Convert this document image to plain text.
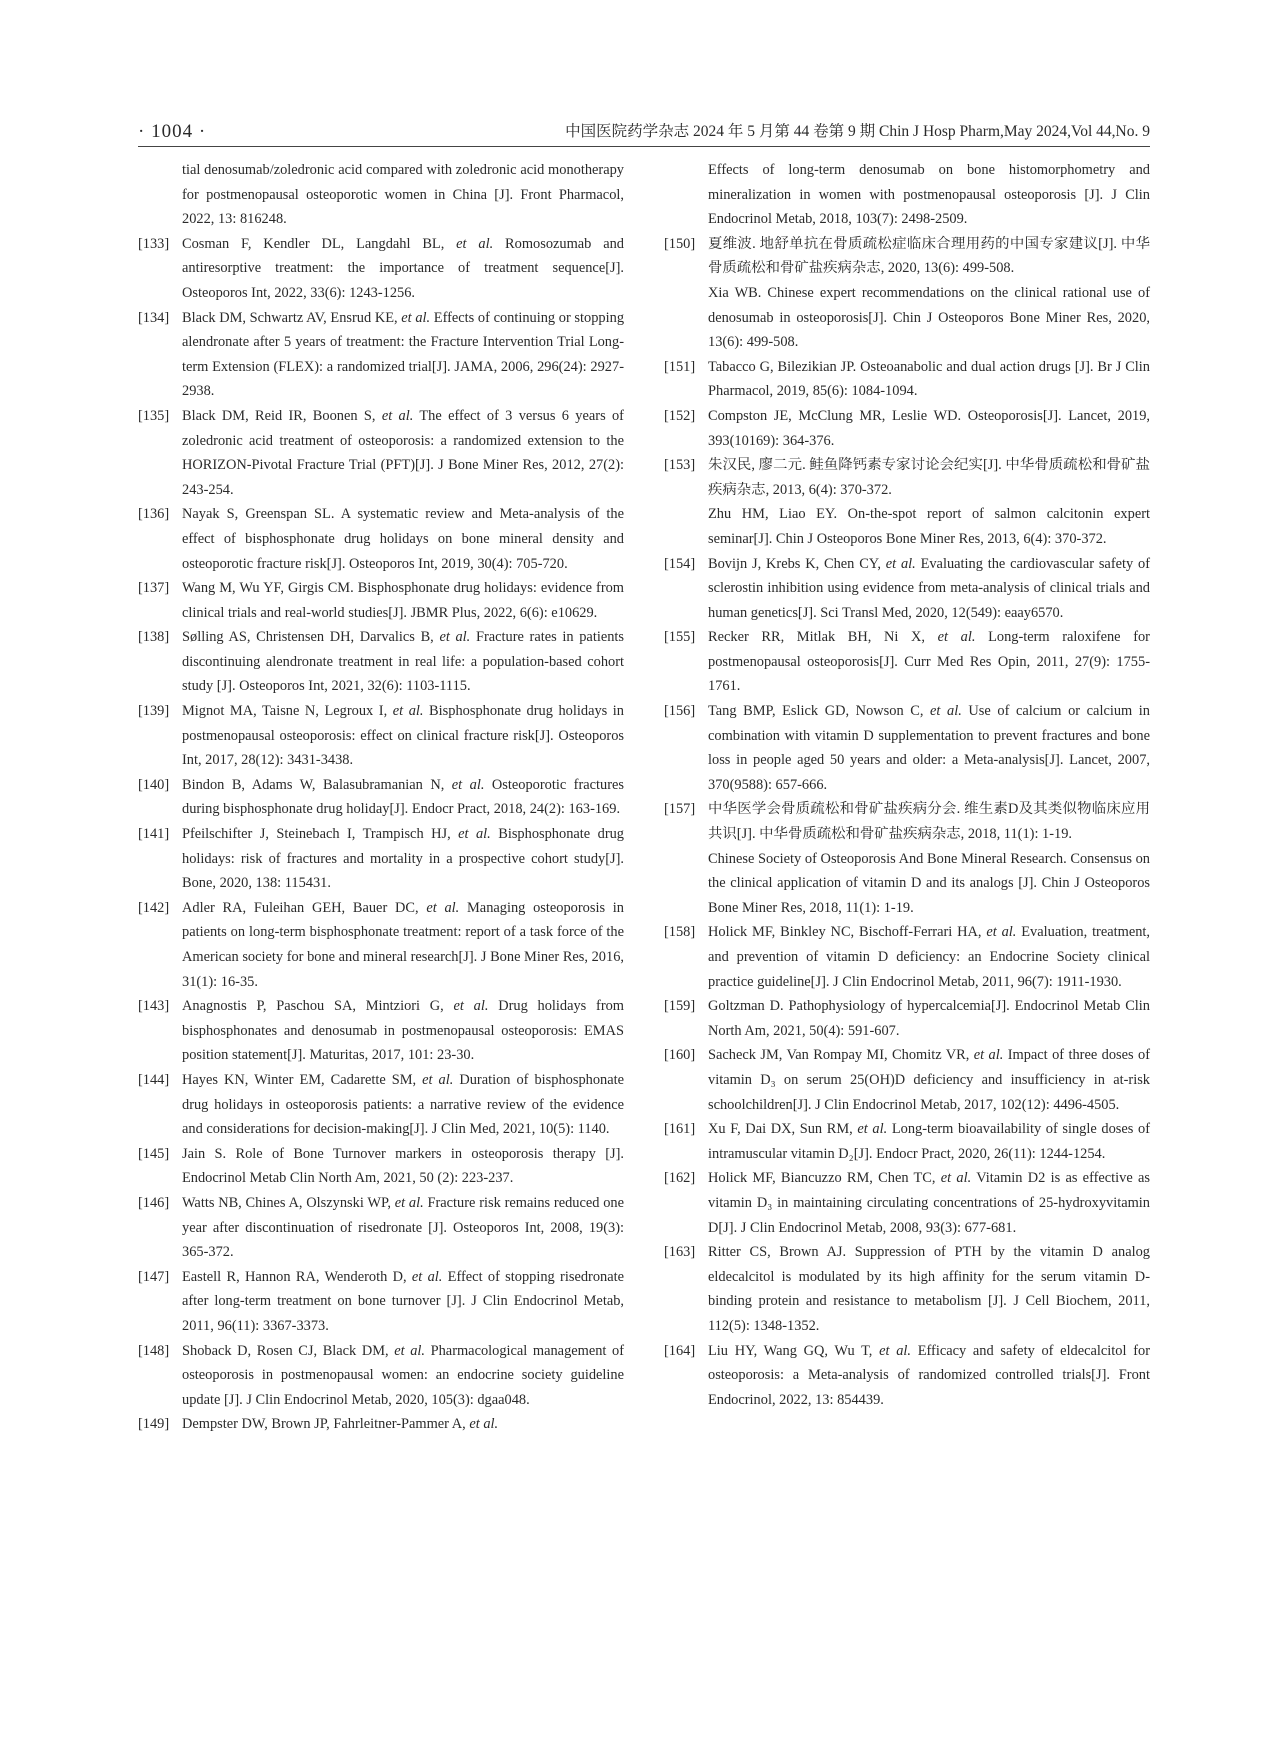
· 1004 ·	中国医院药学杂志 2024 年 5 月第 44 卷第 9 期 Chin J Hosp Pharm,May 2024,Vol 44,No. 9
tial denosumab/zoledronic acid compared with zoledronic acid monotherapy for postmenopausal osteoporotic women in China [J]. Front Pharmacol, 2022, 13: 816248.
[133] Cosman F, Kendler DL, Langdahl BL, et al. Romosozumab and antiresorptive treatment: the importance of treatment sequence[J]. Osteoporos Int, 2022, 33(6): 1243-1256.
[134] Black DM, Schwartz AV, Ensrud KE, et al. Effects of continuing or stopping alendronate after 5 years of treatment: the Fracture Intervention Trial Long-term Extension (FLEX): a randomized trial[J]. JAMA, 2006, 296(24): 2927-2938.
[135] Black DM, Reid IR, Boonen S, et al. The effect of 3 versus 6 years of zoledronic acid treatment of osteoporosis: a randomized extension to the HORIZON-Pivotal Fracture Trial (PFT)[J]. J Bone Miner Res, 2012, 27(2): 243-254.
[136] Nayak S, Greenspan SL. A systematic review and Meta-analysis of the effect of bisphosphonate drug holidays on bone mineral density and osteoporotic fracture risk[J]. Osteoporos Int, 2019, 30(4): 705-720.
[137] Wang M, Wu YF, Girgis CM. Bisphosphonate drug holidays: evidence from clinical trials and real-world studies[J]. JBMR Plus, 2022, 6(6): e10629.
[138] Sølling AS, Christensen DH, Darvalics B, et al. Fracture rates in patients discontinuing alendronate treatment in real life: a population-based cohort study [J]. Osteoporos Int, 2021, 32(6): 1103-1115.
[139] Mignot MA, Taisne N, Legroux I, et al. Bisphosphonate drug holidays in postmenopausal osteoporosis: effect on clinical fracture risk[J]. Osteoporos Int, 2017, 28(12): 3431-3438.
[140] Bindon B, Adams W, Balasubramanian N, et al. Osteoporotic fractures during bisphosphonate drug holiday[J]. Endocr Pract, 2018, 24(2): 163-169.
[141] Pfeilschifter J, Steinebach I, Trampisch HJ, et al. Bisphosphonate drug holidays: risk of fractures and mortality in a prospective cohort study[J]. Bone, 2020, 138: 115431.
[142] Adler RA, Fuleihan GEH, Bauer DC, et al. Managing osteoporosis in patients on long-term bisphosphonate treatment: report of a task force of the American society for bone and mineral research[J]. J Bone Miner Res, 2016, 31(1): 16-35.
[143] Anagnostis P, Paschou SA, Mintziori G, et al. Drug holidays from bisphosphonates and denosumab in postmenopausal osteoporosis: EMAS position statement[J]. Maturitas, 2017, 101: 23-30.
[144] Hayes KN, Winter EM, Cadarette SM, et al. Duration of bisphosphonate drug holidays in osteoporosis patients: a narrative review of the evidence and considerations for decision-making[J]. J Clin Med, 2021, 10(5): 1140.
[145] Jain S. Role of Bone Turnover markers in osteoporosis therapy [J]. Endocrinol Metab Clin North Am, 2021, 50 (2): 223-237.
[146] Watts NB, Chines A, Olszynski WP, et al. Fracture risk remains reduced one year after discontinuation of risedronate [J]. Osteoporos Int, 2008, 19(3): 365-372.
[147] Eastell R, Hannon RA, Wenderoth D, et al. Effect of stopping risedronate after long-term treatment on bone turnover [J]. J Clin Endocrinol Metab, 2011, 96(11): 3367-3373.
[148] Shoback D, Rosen CJ, Black DM, et al. Pharmacological management of osteoporosis in postmenopausal women: an endocrine society guideline update [J]. J Clin Endocrinol Metab, 2020, 105(3): dgaa048.
[149] Dempster DW, Brown JP, Fahrleitner-Pammer A, et al.
Effects of long-term denosumab on bone histomorphometry and mineralization in women with postmenopausal osteoporosis [J]. J Clin Endocrinol Metab, 2018, 103(7): 2498-2509.
[150] 夏维波. 地舒单抗在骨质疏松症临床合理用药的中国专家建议[J]. 中华骨质疏松和骨矿盐疾病杂志, 2020, 13(6): 499-508.
Xia WB. Chinese expert recommendations on the clinical rational use of denosumab in osteoporosis[J]. Chin J Osteoporos Bone Miner Res, 2020, 13(6): 499-508.
[151] Tabacco G, Bilezikian JP. Osteoanabolic and dual action drugs [J]. Br J Clin Pharmacol, 2019, 85(6): 1084-1094.
[152] Compston JE, McClung MR, Leslie WD. Osteoporosis[J]. Lancet, 2019, 393(10169): 364-376.
[153] 朱汉民, 廖二元. 鲑鱼降钙素专家讨论会纪实[J]. 中华骨质疏松和骨矿盐疾病杂志, 2013, 6(4): 370-372.
Zhu HM, Liao EY. On-the-spot report of salmon calcitonin expert seminar[J]. Chin J Osteoporos Bone Miner Res, 2013, 6(4): 370-372.
[154] Bovijn J, Krebs K, Chen CY, et al. Evaluating the cardiovascular safety of sclerostin inhibition using evidence from meta-analysis of clinical trials and human genetics[J]. Sci Transl Med, 2020, 12(549): eaay6570.
[155] Recker RR, Mitlak BH, Ni X, et al. Long-term raloxifene for postmenopausal osteoporosis[J]. Curr Med Res Opin, 2011, 27(9): 1755-1761.
[156] Tang BMP, Eslick GD, Nowson C, et al. Use of calcium or calcium in combination with vitamin D supplementation to prevent fractures and bone loss in people aged 50 years and older: a Meta-analysis[J]. Lancet, 2007, 370(9588): 657-666.
[157] 中华医学会骨质疏松和骨矿盐疾病分会. 维生素D及其类似物临床应用共识[J]. 中华骨质疏松和骨矿盐疾病杂志, 2018, 11(1): 1-19.
Chinese Society of Osteoporosis And Bone Mineral Research. Consensus on the clinical application of vitamin D and its analogs [J]. Chin J Osteoporos Bone Miner Res, 2018, 11(1): 1-19.
[158] Holick MF, Binkley NC, Bischoff-Ferrari HA, et al. Evaluation, treatment, and prevention of vitamin D deficiency: an Endocrine Society clinical practice guideline[J]. J Clin Endocrinol Metab, 2011, 96(7): 1911-1930.
[159] Goltzman D. Pathophysiology of hypercalcemia[J]. Endocrinol Metab Clin North Am, 2021, 50(4): 591-607.
[160] Sacheck JM, Van Rompay MI, Chomitz VR, et al. Impact of three doses of vitamin D₃ on serum 25(OH)D deficiency and insufficiency in at-risk schoolchildren[J]. J Clin Endocrinol Metab, 2017, 102(12): 4496-4505.
[161] Xu F, Dai DX, Sun RM, et al. Long-term bioavailability of single doses of intramuscular vitamin D₂[J]. Endocr Pract, 2020, 26(11): 1244-1254.
[162] Holick MF, Biancuzzo RM, Chen TC, et al. Vitamin D2 is as effective as vitamin D₃ in maintaining circulating concentrations of 25-hydroxyvitamin D[J]. J Clin Endocrinol Metab, 2008, 93(3): 677-681.
[163] Ritter CS, Brown AJ. Suppression of PTH by the vitamin D analog eldecalcitol is modulated by its high affinity for the serum vitamin D-binding protein and resistance to metabolism [J]. J Cell Biochem, 2011, 112(5): 1348-1352.
[164] Liu HY, Wang GQ, Wu T, et al. Efficacy and safety of eldecalcitol for osteoporosis: a Meta-analysis of randomized controlled trials[J]. Front Endocrinol, 2022, 13: 854439.
